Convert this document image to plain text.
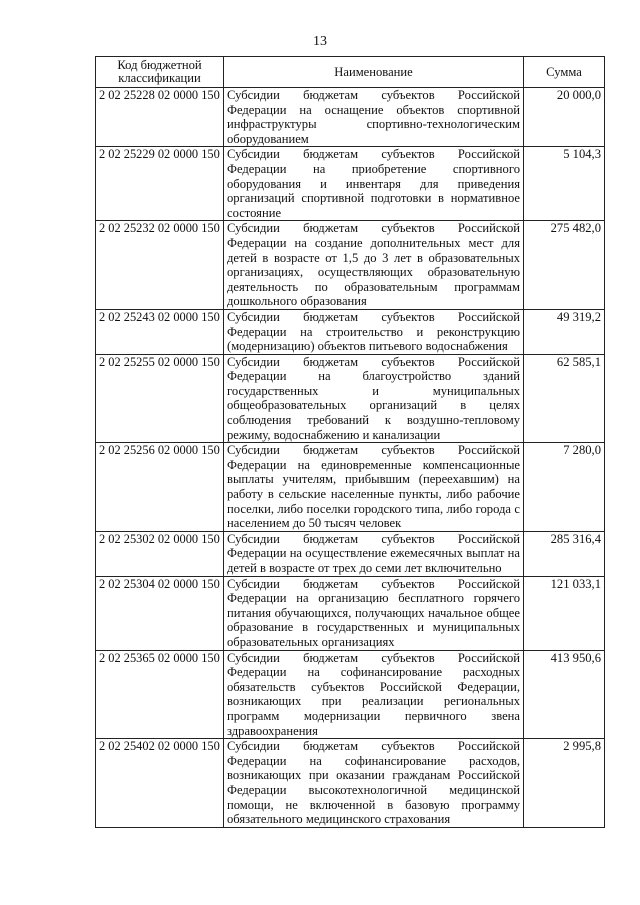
13
Код бюджетной классификации	Наименование	Сумма
2 02 25228 02 0000 150	Субсидии бюджетам субъектов Российской Федерации на оснащение объектов спортивной инфраструктуры спортивно-технологическим оборудованием	20 000,0
2 02 25229 02 0000 150	Субсидии бюджетам субъектов Российской Федерации на приобретение спортивного оборудования и инвентаря для приведения организаций спортивной подготовки в нормативное состояние	5 104,3
2 02 25232 02 0000 150	Субсидии бюджетам субъектов Российской Федерации на создание дополнительных мест для детей в возрасте от 1,5 до 3 лет в образовательных организациях, осуществляющих образовательную деятельность по образовательным программам дошкольного образования	275 482,0
2 02 25243 02 0000 150	Субсидии бюджетам субъектов Российской Федерации на строительство и реконструкцию (модернизацию) объектов питьевого водоснабжения	49 319,2
2 02 25255 02 0000 150	Субсидии бюджетам субъектов Российской Федерации на благоустройство зданий государственных и муниципальных общеобразовательных организаций в целях соблюдения требований к воздушно-тепловому режиму, водоснабжению и канализации	62 585,1
2 02 25256 02 0000 150	Субсидии бюджетам субъектов Российской Федерации на единовременные компенсационные выплаты учителям, прибывшим (переехавшим) на работу в сельские населенные пункты, либо рабочие поселки, либо поселки городского типа, либо города с населением до 50 тысяч человек	7 280,0
2 02 25302 02 0000 150	Субсидии бюджетам субъектов Российской Федерации на осуществление ежемесячных выплат на детей в возрасте от трех до семи лет включительно	285 316,4
2 02 25304 02 0000 150	Субсидии бюджетам субъектов Российской Федерации на организацию бесплатного горячего питания обучающихся, получающих начальное общее образование в государственных и муниципальных образовательных организациях	121 033,1
2 02 25365 02 0000 150	Субсидии бюджетам субъектов Российской Федерации на софинансирование расходных обязательств субъектов Российской Федерации, возникающих при реализации региональных программ модернизации первичного звена здравоохранения	413 950,6
2 02 25402 02 0000 150	Субсидии бюджетам субъектов Российской Федерации на софинансирование расходов, возникающих при оказании гражданам Российской Федерации высокотехнологичной медицинской помощи, не включенной в базовую программу обязательного медицинского страхования	2 995,8
